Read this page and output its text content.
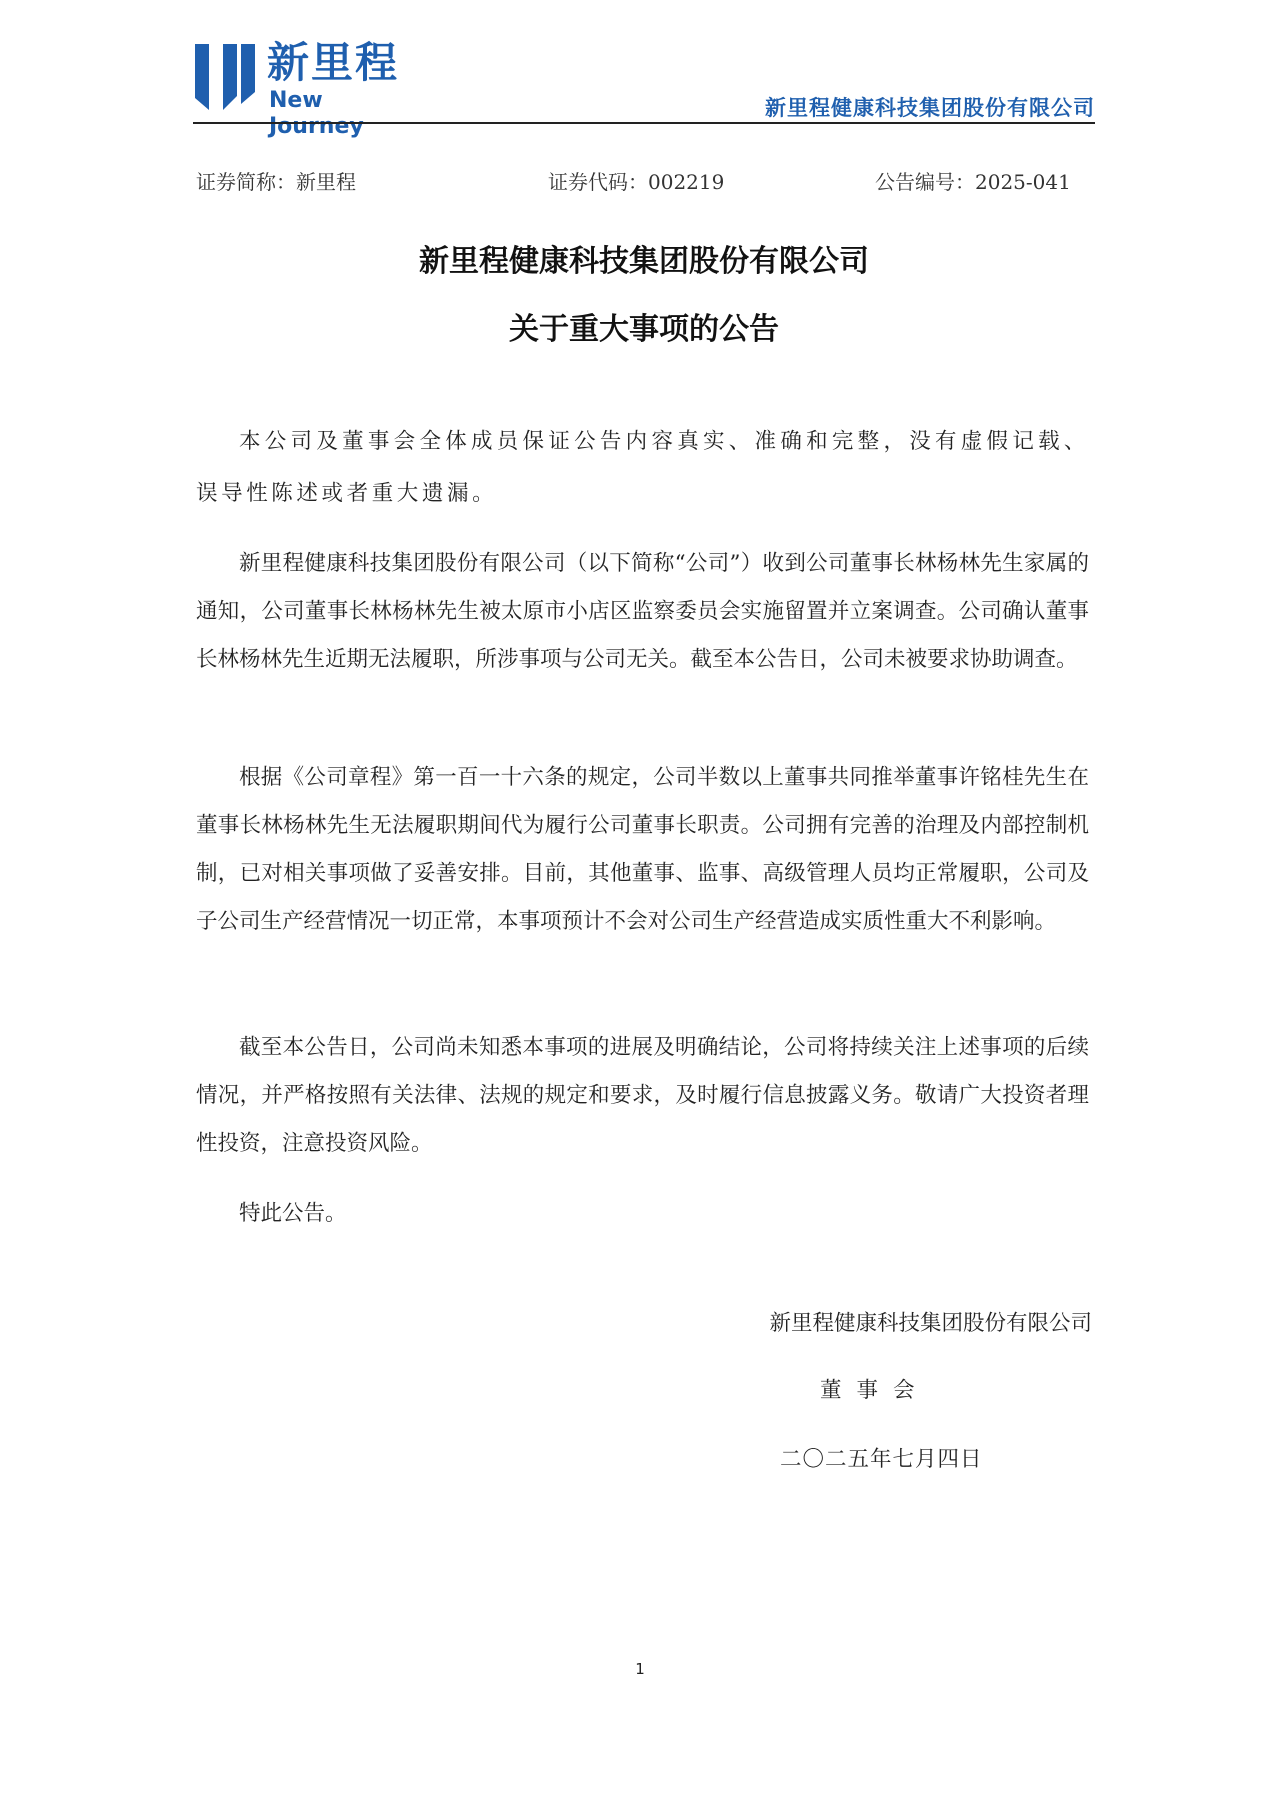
新里程
New Journey
新里程健康科技集团股份有限公司
证券简称：新里程	证券代码：002219	公告编号：2025-041
新里程健康科技集团股份有限公司
关于重大事项的公告

本公司及董事会全体成员保证公告内容真实、准确和完整，没有虚假记载、误导性陈述或者重大遗漏。

新里程健康科技集团股份有限公司（以下简称“公司”）收到公司董事长林杨林先生家属的通知，公司董事长林杨林先生被太原市小店区监察委员会实施留置并立案调查。公司确认董事长林杨林先生近期无法履职，所涉事项与公司无关。截至本公告日，公司未被要求协助调查。

根据《公司章程》第一百一十六条的规定，公司半数以上董事共同推举董事许铭桂先生在董事长林杨林先生无法履职期间代为履行公司董事长职责。公司拥有完善的治理及内部控制机制，已对相关事项做了妥善安排。目前，其他董事、监事、高级管理人员均正常履职，公司及子公司生产经营情况一切正常，本事项预计不会对公司生产经营造成实质性重大不利影响。

截至本公告日，公司尚未知悉本事项的进展及明确结论，公司将持续关注上述事项的后续情况，并严格按照有关法律、法规的规定和要求，及时履行信息披露义务。敬请广大投资者理性投资，注意投资风险。

特此公告。

新里程健康科技集团股份有限公司
董事会
二〇二五年七月四日
1
